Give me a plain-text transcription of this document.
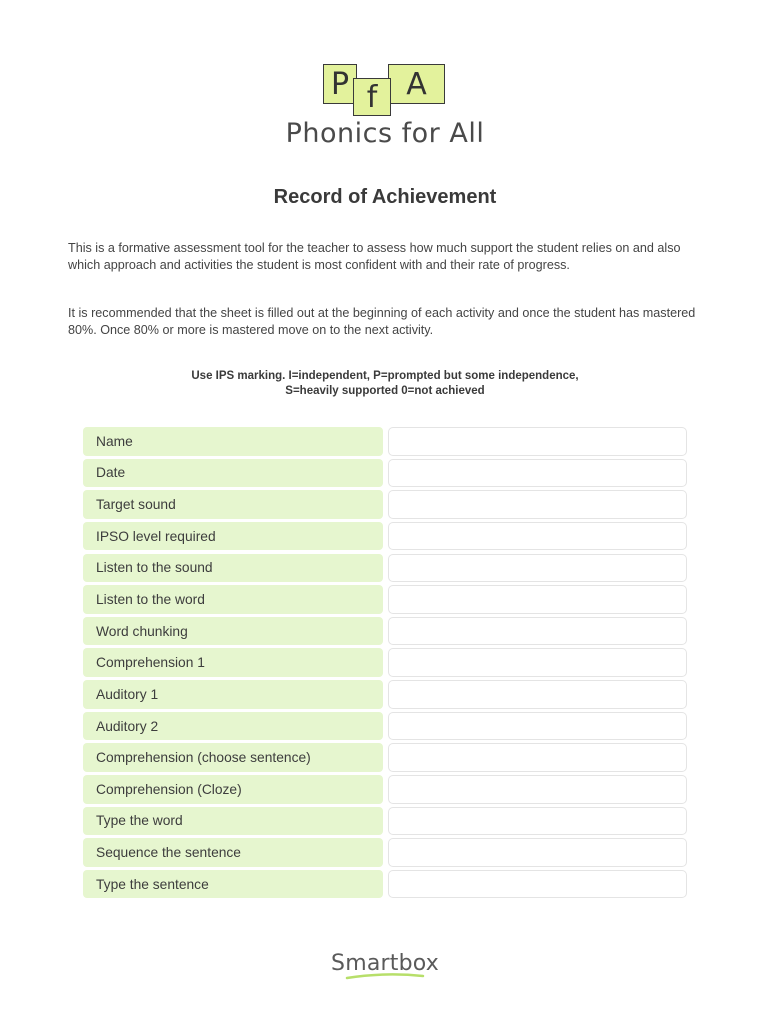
P	A
f
Phonics for All
Record of Achievement

This is a formative assessment tool for the teacher to assess how much support the student relies on and also which approach and activities the student is most confident with and their rate of progress.

It is recommended that the sheet is filled out at the beginning of each activity and once the student has mastered 80%. Once 80% or more is mastered move on to the next activity.

Use IPS marking. I=independent, P=prompted but some independence,
S=heavily supported 0=not achieved
Name
Date
Target sound
IPSO level required
Listen to the sound
Listen to the word
Word chunking
Comprehension 1
Auditory 1
Auditory 2
Comprehension (choose sentence)
Comprehension (Cloze)
Type the word
Sequence the sentence
Type the sentence
Smartbox
